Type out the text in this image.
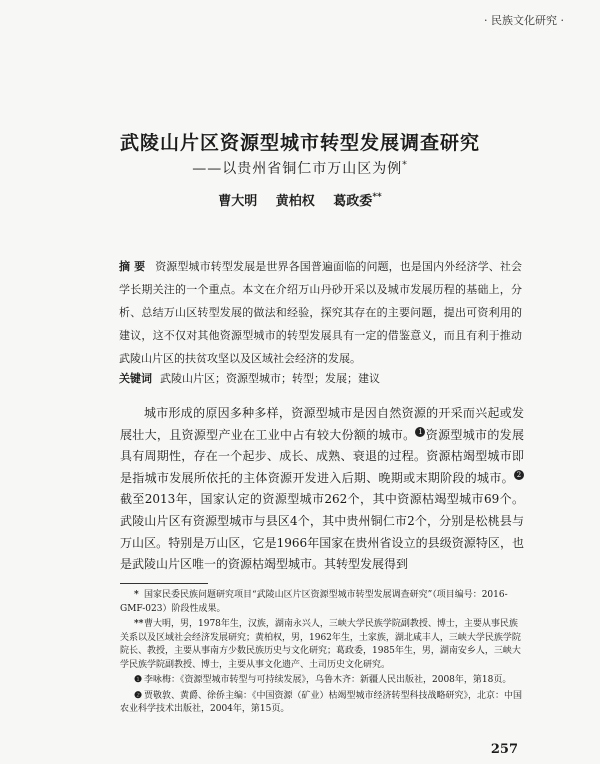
· 民族文化研究 ·
武陵山片区资源型城市转型发展调查研究
——以贵州省铜仁市万山区为例*
曹大明 黄柏权 葛政委**
摘 要 资源型城市转型发展是世界各国普遍面临的问题，也是国内外经济学、社会学长期关注的一个重点。本文在介绍万山丹砂开采以及城市发展历程的基础上，分析、总结万山区转型发展的做法和经验，探究其存在的主要问题，提出可资利用的建议，这不仅对其他资源型城市的转型发展具有一定的借鉴意义，而且有利于推动武陵山片区的扶贫攻坚以及区域社会经济的发展。
关键词 武陵山片区；资源型城市；转型；发展；建议
城市形成的原因多种多样，资源型城市是因自然资源的开采而兴起或发展壮大，且资源型产业在工业中占有较大份额的城市。 1 资源型城市的发展具有周期性，存在一个起步、成长、成熟、衰退的过程。资源枯竭型城市即是指城市发展所依托的主体资源开发进入后期、晚期或末期阶段的城市。 2截至2013年，国家认定的资源型城市262个，其中资源枯竭型城市69个。武陵山片区有资源型城市与县区4个，其中贵州铜仁市2个，分别是松桃县与万山区。特别是万山区，它是1966年国家在贵州省设立的县级资源特区，也是武陵山片区唯一的资源枯竭型城市。其转型发展得到
* 国家民委民族问题研究项目“武陵山区片区资源型城市转型发展调查研究”（项目编号：2016-GMF-023）阶段性成果。
**曹大明，男，1978年生，汉族，湖南永兴人，三峡大学民族学院副教授、博士，主要从事民族关系以及区域社会经济发展研究；黄柏权，男，1962年生，土家族，湖北咸丰人，三峡大学民族学院院长、教授，主要从事南方少数民族历史与文化研究；葛政委，1985年生，男，湖南安乡人，三峡大学民族学院副教授、博士，主要从事文化遗产、土司历史文化研究。
❶ 李咏梅：《资源型城市转型与可持续发展》，乌鲁木齐：新疆人民出版社，2008年，第18页。
❷ 贾敬敦、黄爵、徐侨主编：《中国资源（矿业）枯竭型城市经济转型科技战略研究》，北京：中国农业科学技术出版社，2004年，第15页。
257
